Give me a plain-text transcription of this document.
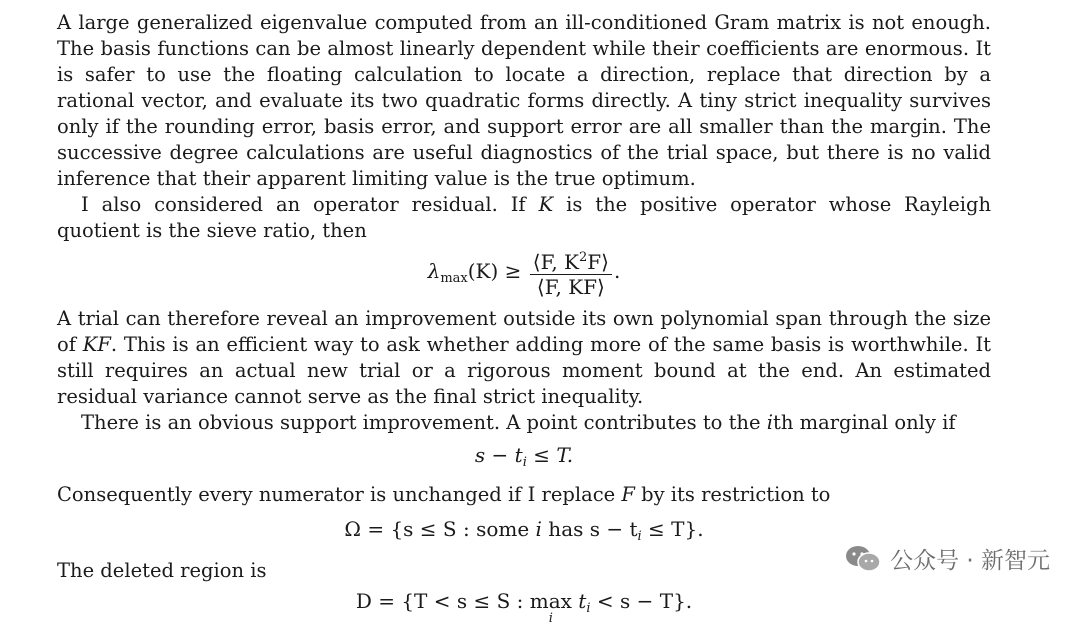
A large generalized eigenvalue computed from an ill-conditioned Gram matrix is not enough. The basis functions can be almost linearly dependent while their coefficients are enormous. It is safer to use the floating calculation to locate a direction, replace that direction by a rational vector, and evaluate its two quadratic forms directly. A tiny strict inequality survives only if the rounding error, basis error, and support error are all smaller than the margin. The successive degree calculations are useful diagnostics of the trial space, but there is no valid inference that their apparent limiting value is the true optimum.

I also considered an operator residual. If K is the positive operator whose Rayleigh quotient is the sieve ratio, then

$\lambda_{max}(K) \ge \frac{⟨F, K^2F⟩}{⟨F, KF⟩}$ .

A trial can therefore reveal an improvement outside its own polynomial span through the size of KF. This is an efficient way to ask whether adding more of the same basis is worthwhile. It still requires an actual new trial or a rigorous moment bound at the end. An estimated residual variance cannot serve as the final strict inequality.

There is an obvious support improvement. A point contributes to the ith marginal only if

$s - t_i \le T$.

Consequently every numerator is unchanged if I replace F by its restriction to

Ω = {s ≤ S : some i has $s - t_i \le T$}.

The deleted region is

D = {T < s ≤ S : max
i
$t_i < s - T$}.
公众号 · 新智元
